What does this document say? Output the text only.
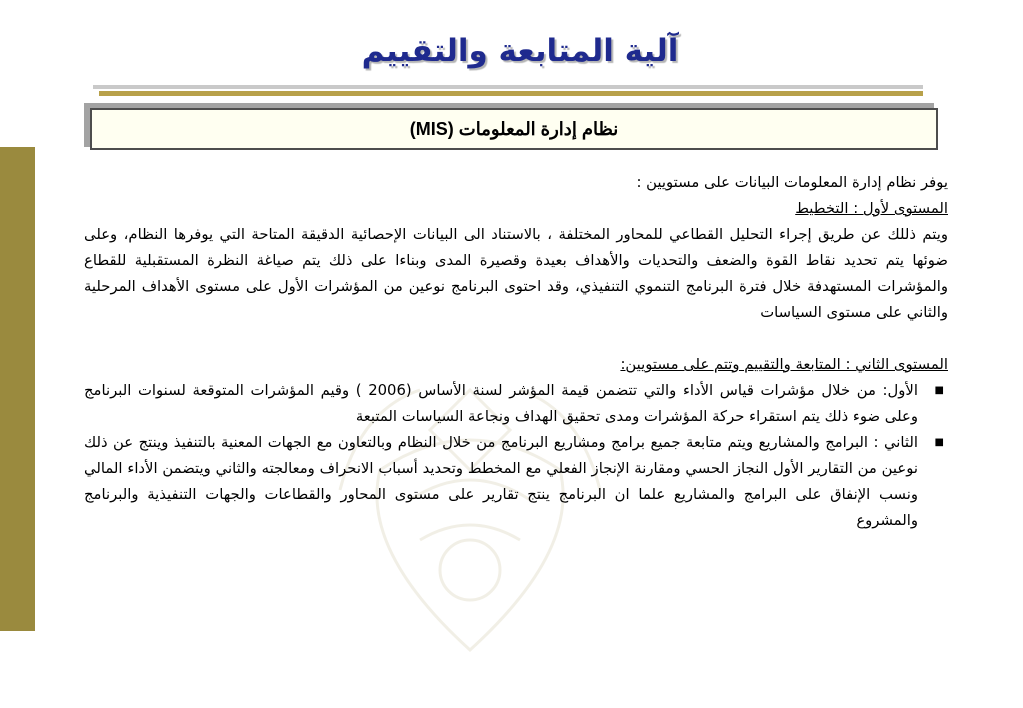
آلية المتابعة والتقييم
نظام إدارة المعلومات (MIS)

يوفر نظام إدارة المعلومات البيانات على مستويين :

المستوى لأول : التخطيط

ويتم ذللك عن طريق إجراء التحليل القطاعي للمحاور المختلفة ، بالاستناد الى البيانات الإحصائية الدقيقة المتاحة التي يوفرها النظام، وعلى ضوئها يتم تحديد نقاط القوة والضعف والتحديات والأهداف بعيدة وقصيرة المدى وبناءا على ذلك يتم صياغة النظرة المستقبلية للقطاع والمؤشرات المستهدفة خلال فترة البرنامج التنموي التنفيذي، وقد احتوى البرنامج نوعين من المؤشرات الأول على مستوى الأهداف المرحلية والثاني على مستوى السياسات

المستوى الثاني : المتابعة والتقييم وتتم على مستويين:

■
الأول: من خلال مؤشرات قياس الأداء والتي تتضمن قيمة المؤشر لسنة الأساس (2006 ) وقيم المؤشرات المتوقعة لسنوات البرنامج وعلى ضوء ذلك يتم استقراء حركة المؤشرات ومدى تحقيق الهداف ونجاعة السياسات المتبعة
■
الثاني : البرامج والمشاريع ويتم متابعة جميع برامج ومشاريع البرنامج من خلال النظام وبالتعاون مع الجهات المعنية بالتنفيذ وينتج عن ذلك نوعين من التقارير الأول النجاز الحسي ومقارنة الإنجاز الفعلي مع المخطط وتحديد أسباب الانحراف ومعالجته والثاني ويتضمن الأداء المالي ونسب الإنفاق على البرامج والمشاريع علما ان البرنامج ينتج تقارير على مستوى المحاور والقطاعات والجهات التنفيذية والبرنامج والمشروع
